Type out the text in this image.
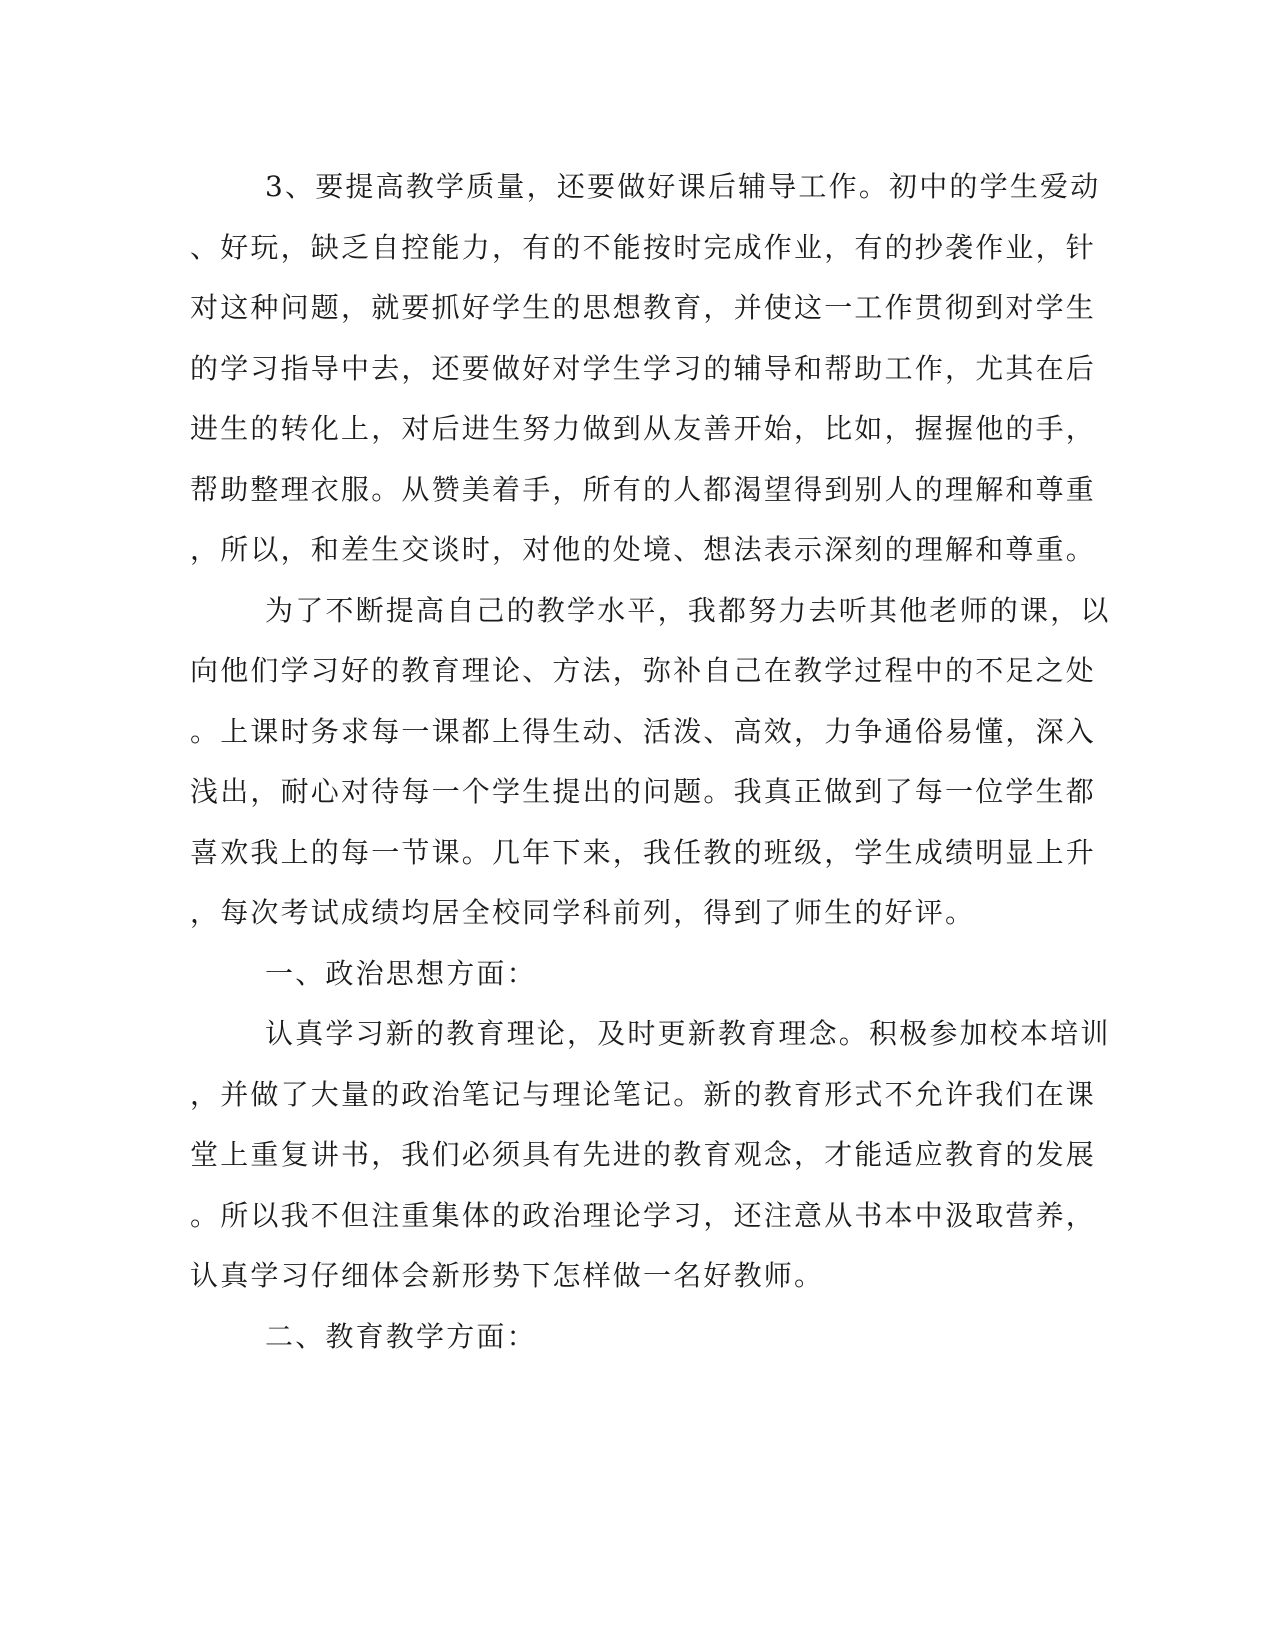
3、要提高教学质量，还要做好课后辅导工作。初中的学生爱动
、好玩，缺乏自控能力，有的不能按时完成作业，有的抄袭作业，针
对这种问题，就要抓好学生的思想教育，并使这一工作贯彻到对学生
的学习指导中去，还要做好对学生学习的辅导和帮助工作，尤其在后
进生的转化上，对后进生努力做到从友善开始，比如，握握他的手，
帮助整理衣服。从赞美着手，所有的人都渴望得到别人的理解和尊重
，所以，和差生交谈时，对他的处境、想法表示深刻的理解和尊重。
为了不断提高自己的教学水平，我都努力去听其他老师的课，以
向他们学习好的教育理论、方法，弥补自己在教学过程中的不足之处
。上课时务求每一课都上得生动、活泼、高效，力争通俗易懂，深入
浅出，耐心对待每一个学生提出的问题。我真正做到了每一位学生都
喜欢我上的每一节课。几年下来，我任教的班级，学生成绩明显上升
，每次考试成绩均居全校同学科前列，得到了师生的好评。
一、政治思想方面：
认真学习新的教育理论，及时更新教育理念。积极参加校本培训
，并做了大量的政治笔记与理论笔记。新的教育形式不允许我们在课
堂上重复讲书，我们必须具有先进的教育观念，才能适应教育的发展
。所以我不但注重集体的政治理论学习，还注意从书本中汲取营养，
认真学习仔细体会新形势下怎样做一名好教师。
二、教育教学方面：
